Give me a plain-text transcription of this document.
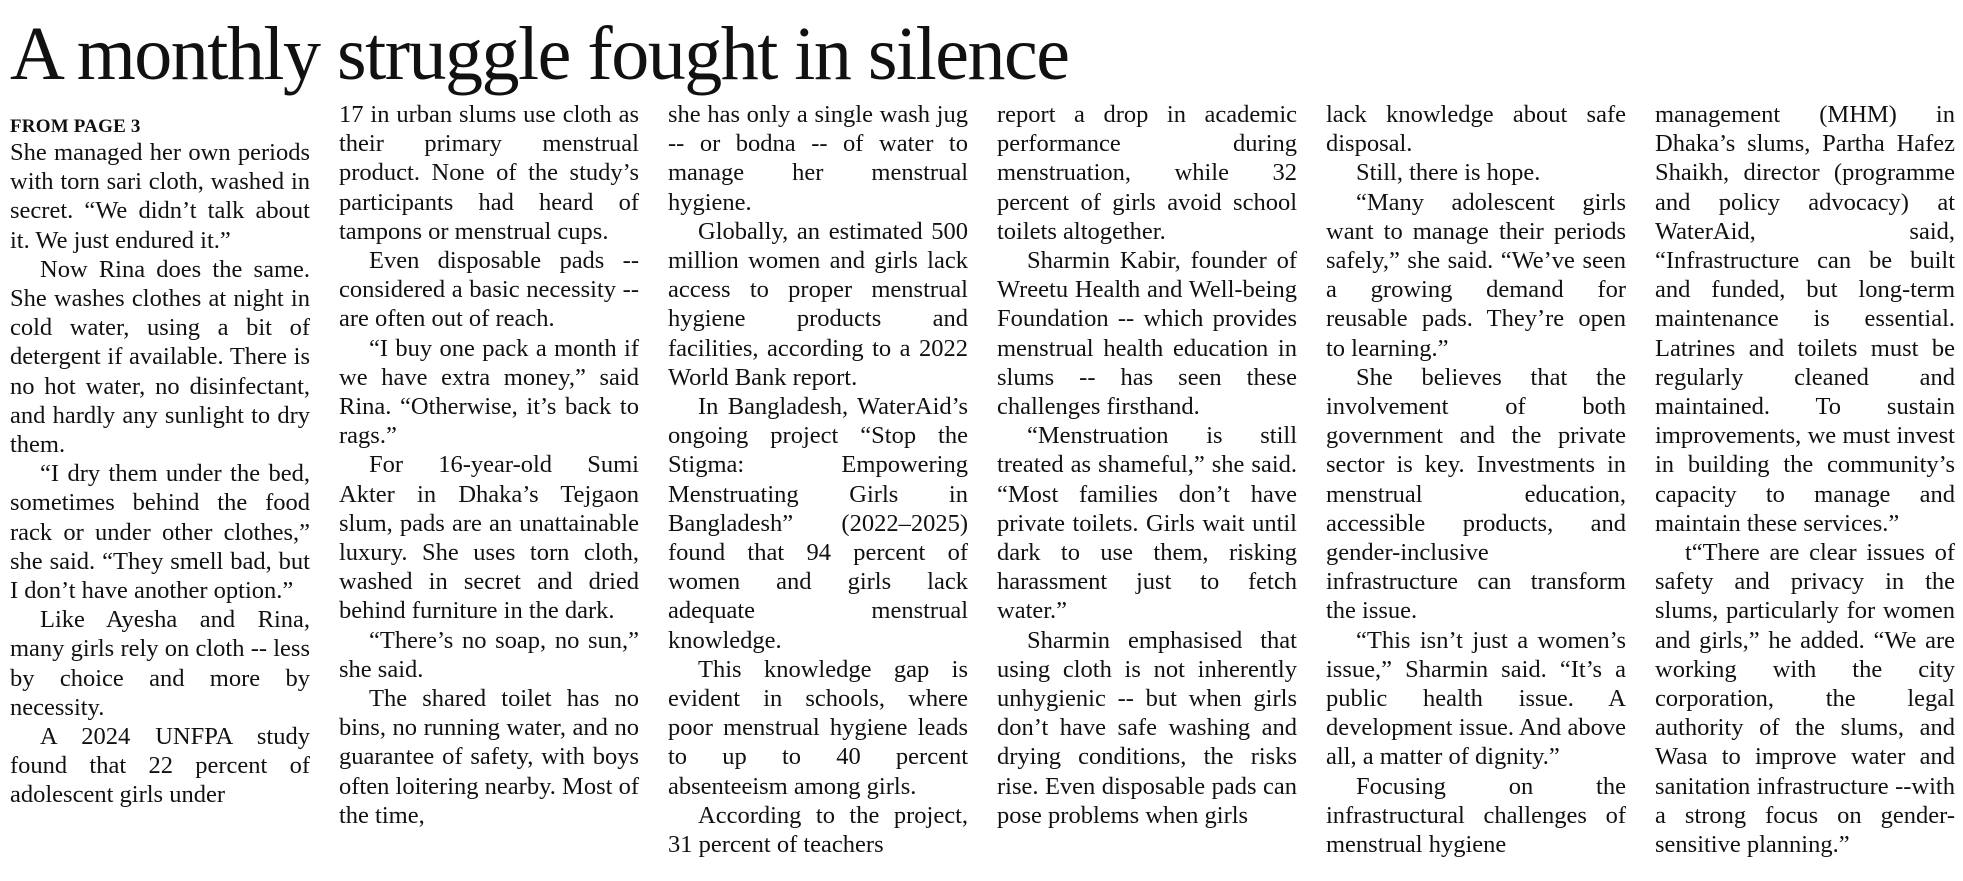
A monthly struggle fought in silence
FROM PAGE 3

She managed her own periods with torn sari cloth, washed in secret. “We didn’t talk about it. We just endured it.”

Now Rina does the same. She washes clothes at night in cold water, using a bit of detergent if available. There is no hot water, no disinfectant, and hardly any sunlight to dry them.

“I dry them under the bed, sometimes behind the food rack or under other clothes,” she said. “They smell bad, but I don’t have another option.”

Like Ayesha and Rina, many girls rely on cloth -- less by choice and more by necessity.

A 2024 UNFPA study found that 22 percent of adolescent girls under

17 in urban slums use cloth as their primary menstrual product. None of the study’s participants had heard of tampons or menstrual cups.

Even disposable pads -- considered a basic necessity -- are often out of reach.

“I buy one pack a month if we have extra money,” said Rina. “Otherwise, it’s back to rags.”

For 16-year-old Sumi Akter in Dhaka’s Tejgaon slum, pads are an unattainable luxury. She uses torn cloth, washed in secret and dried behind furniture in the dark.

“There’s no soap, no sun,” she said.

The shared toilet has no bins, no running water, and no guarantee of safety, with boys often loitering nearby. Most of the time,

she has only a single wash jug -- or bodna -- of water to manage her menstrual hygiene.

Globally, an estimated 500 million women and girls lack access to proper menstrual hygiene products and facilities, according to a 2022 World Bank report.

In Bangladesh, WaterAid’s ongoing project “Stop the Stigma: Empowering Menstruating Girls in Bangladesh” (2022–2025) found that 94 percent of women and girls lack adequate menstrual knowledge.

This knowledge gap is evident in schools, where poor menstrual hygiene leads to up to 40 percent absenteeism among girls.

According to the project, 31 percent of teachers

report a drop in academic performance during menstruation, while 32 percent of girls avoid school toilets altogether.

Sharmin Kabir, founder of Wreetu Health and Well-being Foundation -- which provides menstrual health education in slums -- has seen these challenges firsthand.

“Menstruation is still treated as shameful,” she said. “Most families don’t have private toilets. Girls wait until dark to use them, risking harassment just to fetch water.”

Sharmin emphasised that using cloth is not inherently unhygienic -- but when girls don’t have safe washing and drying conditions, the risks rise. Even disposable pads can pose problems when girls

lack knowledge about safe disposal.

Still, there is hope.

“Many adolescent girls want to manage their periods safely,” she said. “We’ve seen a growing demand for reusable pads. They’re open to learning.”

She believes that the involvement of both government and the private sector is key. Investments in menstrual education, accessible products, and gender-inclusive infrastructure can transform the issue.

“This isn’t just a women’s issue,” Sharmin said. “It’s a public health issue. A development issue. And above all, a matter of dignity.”

Focusing on the infrastructural challenges of menstrual hygiene

management (MHM) in Dhaka’s slums, Partha Hafez Shaikh, director (programme and policy advocacy) at WaterAid, said, “Infrastructure can be built and funded, but long-term maintenance is essential. Latrines and toilets must be regularly cleaned and maintained. To sustain improvements, we must invest in building the community’s capacity to manage and maintain these services.”

t“There are clear issues of safety and privacy in the slums, particularly for women and girls,” he added. “We are working with the city corporation, the legal authority of the slums, and Wasa to improve water and sanitation infrastructure --with a strong focus on gender-sensitive planning.”
